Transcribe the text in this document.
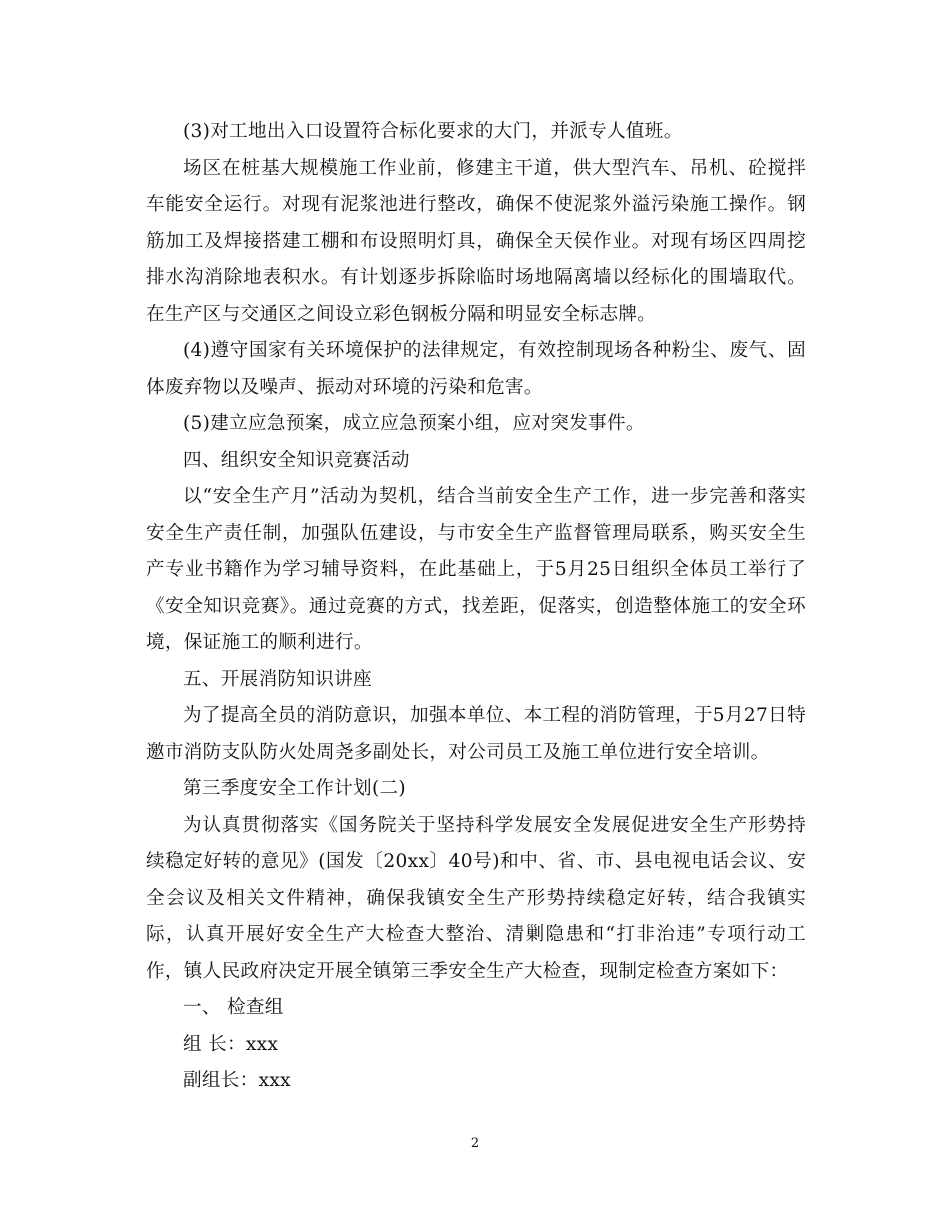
(3)对工地出入口设置符合标化要求的大门，并派专人值班。

场区在桩基大规模施工作业前，修建主干道，供大型汽车、吊机、砼搅拌车能安全运行。对现有泥浆池进行整改，确保不使泥浆外溢污染施工操作。钢筋加工及焊接搭建工棚和布设照明灯具，确保全天侯作业。对现有场区四周挖排水沟消除地表积水。有计划逐步拆除临时场地隔离墙以经标化的围墙取代。在生产区与交通区之间设立彩色钢板分隔和明显安全标志牌。

(4)遵守国家有关环境保护的法律规定，有效控制现场各种粉尘、废气、固体废弃物以及噪声、振动对环境的污染和危害。

(5)建立应急预案，成立应急预案小组，应对突发事件。

四、组织安全知识竞赛活动

以“安全生产月”活动为契机，结合当前安全生产工作，进一步完善和落实安全生产责任制，加强队伍建设，与市安全生产监督管理局联系，购买安全生产专业书籍作为学习辅导资料，在此基础上，于5月25日组织全体员工举行了《安全知识竞赛》。通过竞赛的方式，找差距，促落实，创造整体施工的安全环境，保证施工的顺利进行。

五、开展消防知识讲座

为了提高全员的消防意识，加强本单位、本工程的消防管理，于5月27日特邀市消防支队防火处周尧多副处长，对公司员工及施工单位进行安全培训。

第三季度安全工作计划(二)

为认真贯彻落实《国务院关于坚持科学发展安全发展促进安全生产形势持续稳定好转的意见》(国发〔20xx〕40号)和中、省、市、县电视电话会议、安全会议及相关文件精神，确保我镇安全生产形势持续稳定好转，结合我镇实际，认真开展好安全生产大检查大整治、清剿隐患和“打非治违”专项行动工作，镇人民政府决定开展全镇第三季安全生产大检查，现制定检查方案如下：

一、 检查组

组 长：xxx

副组长：xxx

2
